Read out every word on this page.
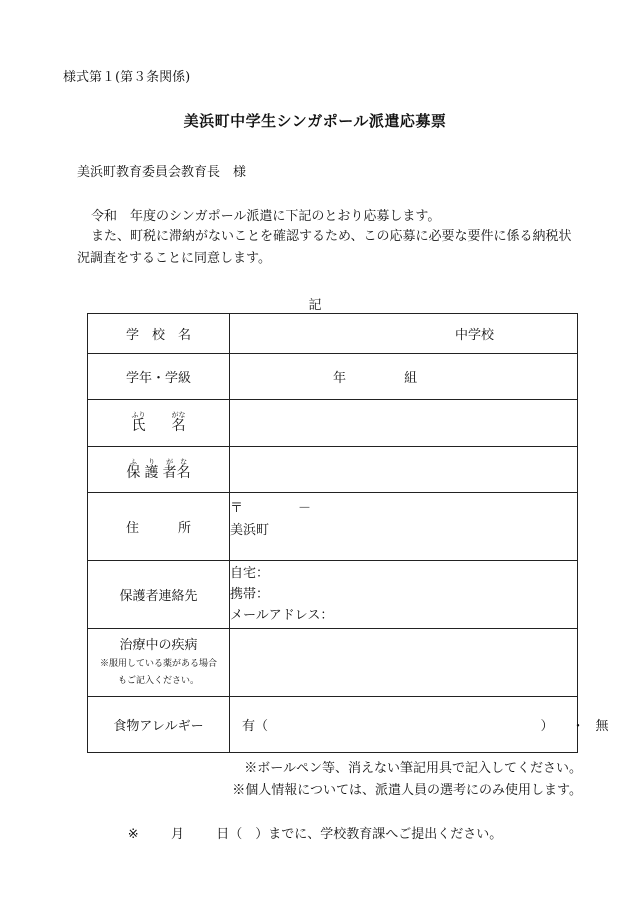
様式第１(第３条関係)
美浜町中学生シンガポール派遣応募票
美浜町教育委員会教育長　様
令和　年度のシンガポール派遣に下記のとおり応募します。
また、町税に滞納がないことを確認するため、この応募に必要な要件に係る納税状
況調査をすることに同意します。
記
学　校　名	中学校
学年・学級	年 組
氏ふり名がな		
保ふ 護り 者が名な		
住　　　所	〒 －
美浜町

保護者連絡先	自宅：
携帯：
メールアドレス：

治療中の疾病
※服用している薬がある場合
もご記入ください。	

食物アレルギー	有（ ） ・ 無
※ボールペン等、消えない筆記用具で記入してください。
※個人情報については、派遣人員の選考にのみ使用します。
※ 月 日（　）までに、学校教育課へご提出ください。
